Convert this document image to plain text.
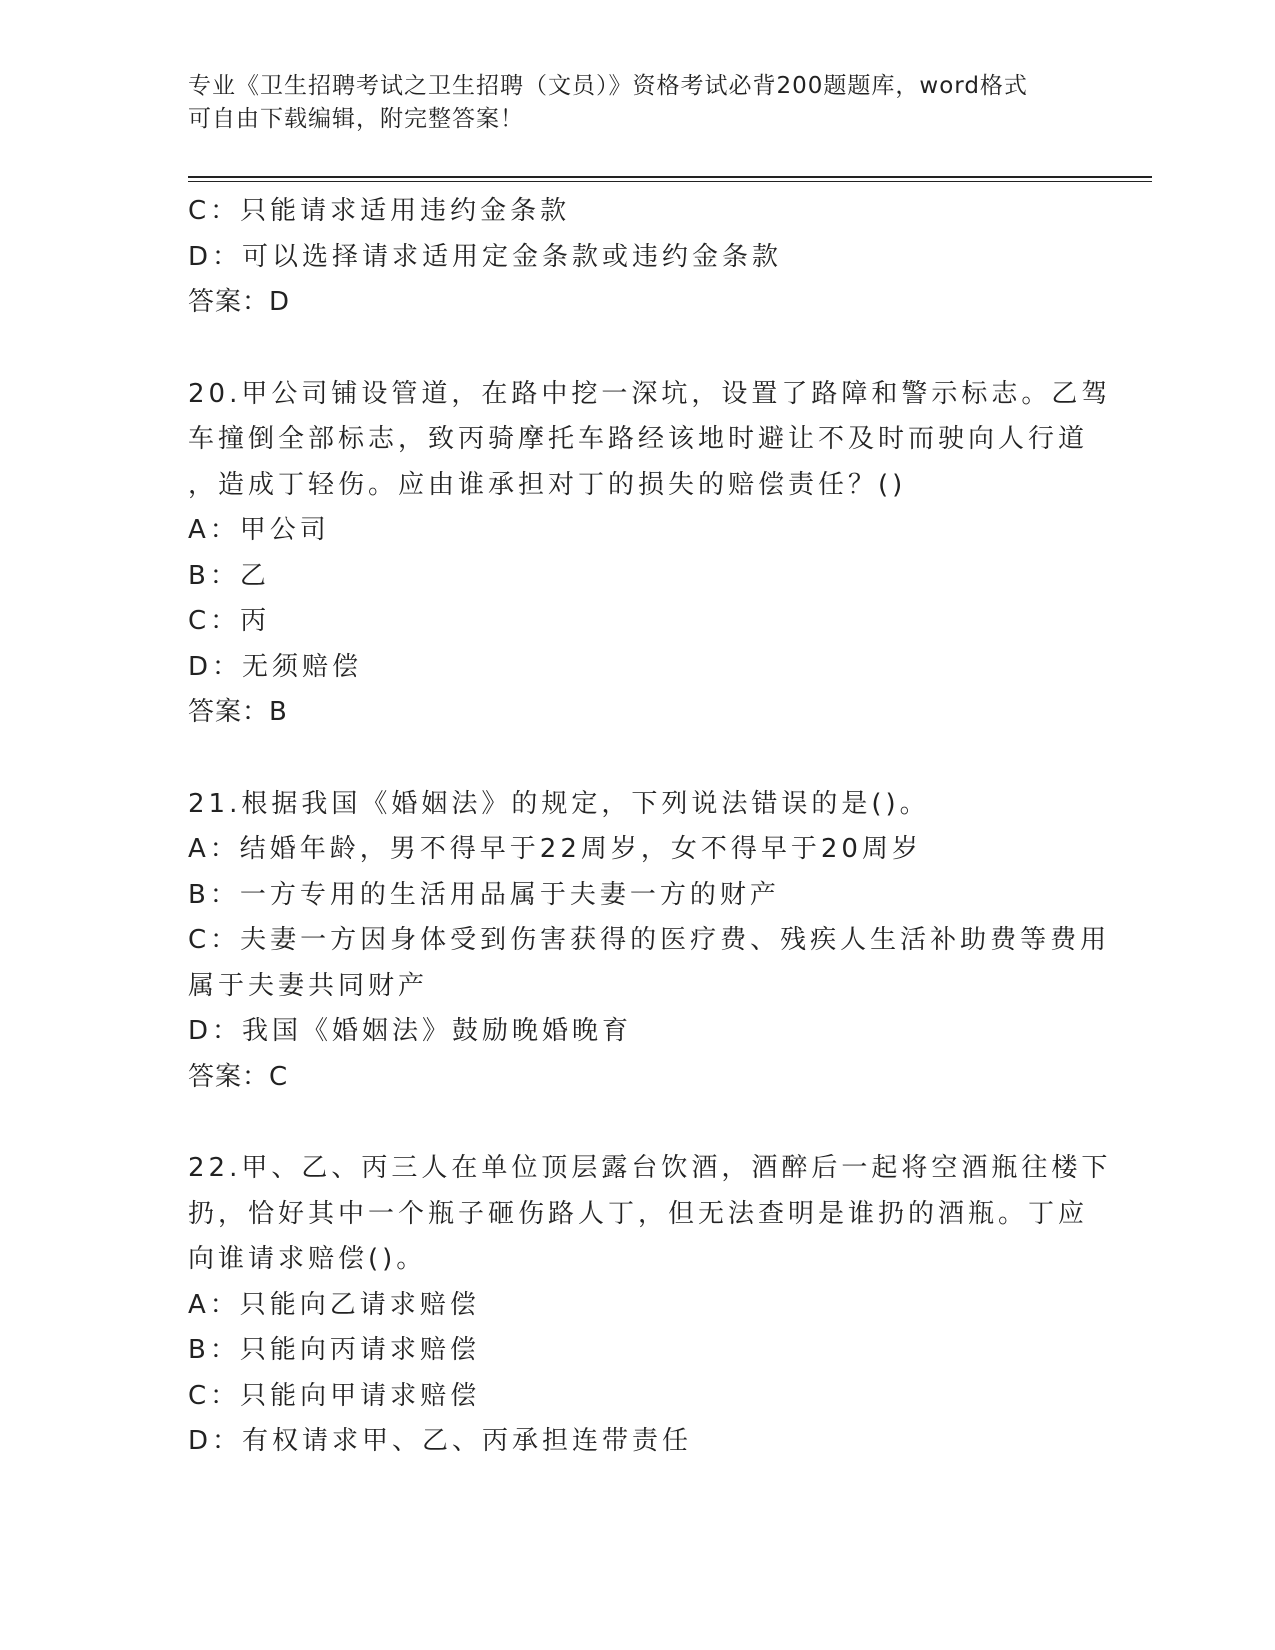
专业《卫生招聘考试之卫生招聘（文员）》资格考试必背200题题库，word格式
可自由下载编辑，附完整答案！
C：只能请求适用违约金条款
D：可以选择请求适用定金条款或违约金条款
答案：D
20.甲公司铺设管道，在路中挖一深坑，设置了路障和警示标志。乙驾
车撞倒全部标志，致丙骑摩托车路经该地时避让不及时而驶向人行道
，造成丁轻伤。应由谁承担对丁的损失的赔偿责任？()
A：甲公司
B：乙
C：丙
D：无须赔偿
答案：B
21.根据我国《婚姻法》的规定，下列说法错误的是()。
A：结婚年龄，男不得早于22周岁，女不得早于20周岁
B：一方专用的生活用品属于夫妻一方的财产
C：夫妻一方因身体受到伤害获得的医疗费、残疾人生活补助费等费用
属于夫妻共同财产
D：我国《婚姻法》鼓励晚婚晚育
答案：C
22.甲、乙、丙三人在单位顶层露台饮酒，酒醉后一起将空酒瓶往楼下
扔，恰好其中一个瓶子砸伤路人丁，但无法查明是谁扔的酒瓶。丁应
向谁请求赔偿()。
A：只能向乙请求赔偿
B：只能向丙请求赔偿
C：只能向甲请求赔偿
D：有权请求甲、乙、丙承担连带责任
